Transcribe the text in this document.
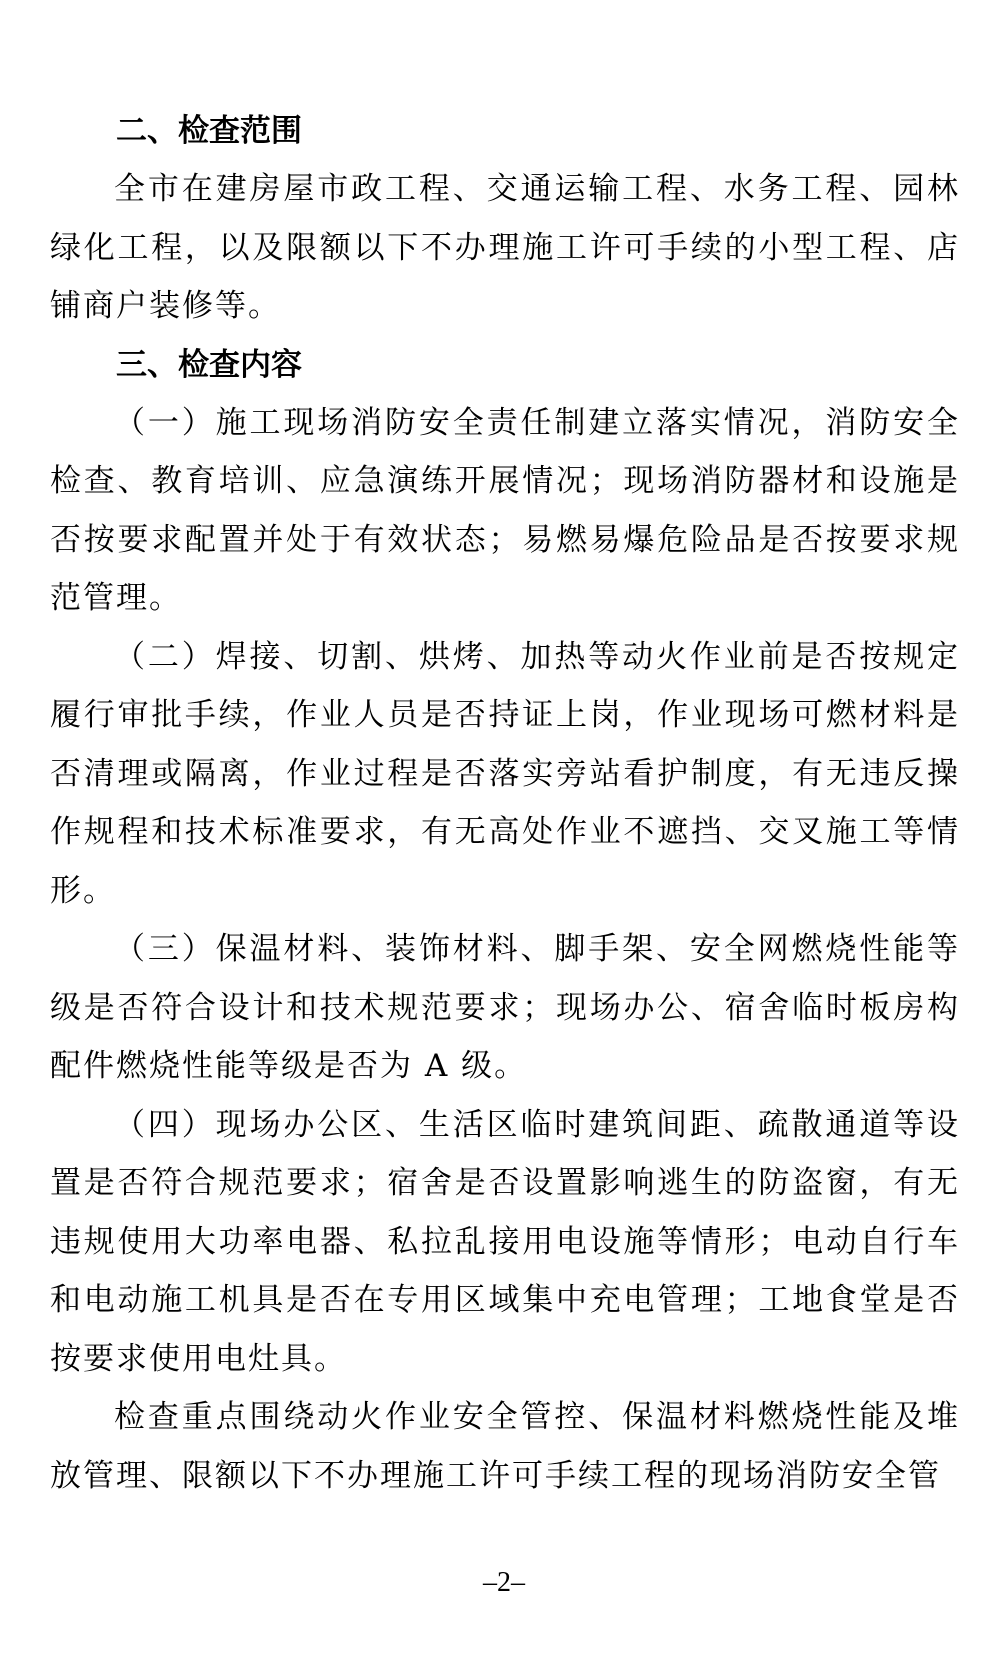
二、检查范围

全市在建房屋市政工程、交通运输工程、水务工程、园林绿化工程，以及限额以下不办理施工许可手续的小型工程、店铺商户装修等。

三、检查内容

（一）施工现场消防安全责任制建立落实情况，消防安全检查、教育培训、应急演练开展情况；现场消防器材和设施是否按要求配置并处于有效状态；易燃易爆危险品是否按要求规范管理。

（二）焊接、切割、烘烤、加热等动火作业前是否按规定履行审批手续，作业人员是否持证上岗，作业现场可燃材料是否清理或隔离，作业过程是否落实旁站看护制度，有无违反操作规程和技术标准要求，有无高处作业不遮挡、交叉施工等情形。

（三）保温材料、装饰材料、脚手架、安全网燃烧性能等级是否符合设计和技术规范要求；现场办公、宿舍临时板房构配件燃烧性能等级是否为 A 级。

（四）现场办公区、生活区临时建筑间距、疏散通道等设置是否符合规范要求；宿舍是否设置影响逃生的防盗窗，有无违规使用大功率电器、私拉乱接用电设施等情形；电动自行车和电动施工机具是否在专用区域集中充电管理；工地食堂是否按要求使用电灶具。

检查重点围绕动火作业安全管控、保温材料燃烧性能及堆放管理、限额以下不办理施工许可手续工程的现场消防安全管

–2–
